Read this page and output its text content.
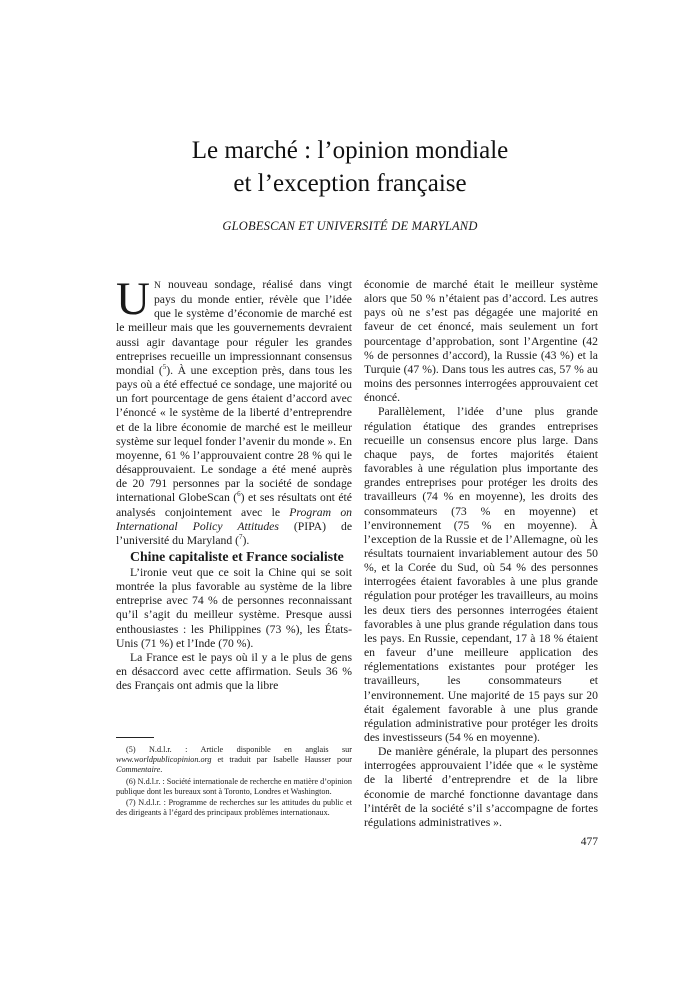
Le marché : l’opinion mondiale
et l’exception française
GLOBESCAN ET UNIVERSITÉ DE MARYLAND

U N nouveau sondage, réalisé dans vingt pays du monde entier, révèle que l’idée que le système d’économie de marché est le meilleur mais que les gouvernements devraient aussi agir davantage pour réguler les grandes entreprises recueille un impressionnant consensus mondial ($^5$). À une exception près, dans tous les pays où a été effectué ce sondage, une majorité ou un fort pourcentage de gens étaient d’accord avec l’énoncé « le système de la liberté d’entreprendre et de la libre économie de marché est le meilleur système sur lequel fonder l’avenir du monde ». En moyenne, 61 % l’approuvaient contre 28 % qui le désapprouvaient. Le sondage a été mené auprès de 20 791 personnes par la société de sondage international GlobeScan ($^6$) et ses résultats ont été analysés conjointement avec le Program on International Policy Attitudes (PIPA) de l’université du Maryland ($^7$).

Chine capitaliste et France socialiste

L’ironie veut que ce soit la Chine qui se soit montrée la plus favorable au système de la libre entreprise avec 74 % de personnes reconnaissant qu’il s’agit du meilleur système. Presque aussi enthousiastes : les Philippines (73 %), les États-Unis (71 %) et l’Inde (70 %).

La France est le pays où il y a le plus de gens en désaccord avec cette affirmation. Seuls 36 % des Français ont admis que la libre

économie de marché était le meilleur système alors que 50 % n’étaient pas d’accord. Les autres pays où ne s’est pas dégagée une majorité en faveur de cet énoncé, mais seulement un fort pourcentage d’approbation, sont l’Argentine (42 % de personnes d’accord), la Russie (43 %) et la Turquie (47 %). Dans tous les autres cas, 57 % au moins des personnes interrogées approuvaient cet énoncé.

Parallèlement, l’idée d’une plus grande régulation étatique des grandes entreprises recueille un consensus encore plus large. Dans chaque pays, de fortes majorités étaient favorables à une régulation plus importante des grandes entreprises pour protéger les droits des travailleurs (74 % en moyenne), les droits des consommateurs (73 % en moyenne) et l’environnement (75 % en moyenne). À l’exception de la Russie et de l’Allemagne, où les résultats tournaient invariablement autour des 50 %, et la Corée du Sud, où 54 % des personnes interrogées étaient favorables à une plus grande régulation pour protéger les travailleurs, au moins les deux tiers des personnes interrogées étaient favorables à une plus grande régulation dans tous les pays. En Russie, cependant, 17 à 18 % étaient en faveur d’une meilleure application des réglementations existantes pour protéger les travailleurs, les consommateurs et l’environnement. Une majorité de 15 pays sur 20 était également favorable à une plus grande régulation administrative pour protéger les droits des investisseurs (54 % en moyenne).

De manière générale, la plupart des personnes interrogées approuvaient l’idée que « le système de la liberté d’entreprendre et de la libre économie de marché fonctionne davantage dans l’intérêt de la société s’il s’accompagne de fortes régulations administratives ».

(5) N.d.l.r. : Article disponible en anglais sur www.worldpublicopinion.org et traduit par Isabelle Hausser pour Commentaire.

(6) N.d.l.r. : Société internationale de recherche en matière d’opinion publique dont les bureaux sont à Toronto, Londres et Washington.

(7) N.d.l.r. : Programme de recherches sur les attitudes du public et des dirigeants à l’égard des principaux problèmes internationaux.

477
